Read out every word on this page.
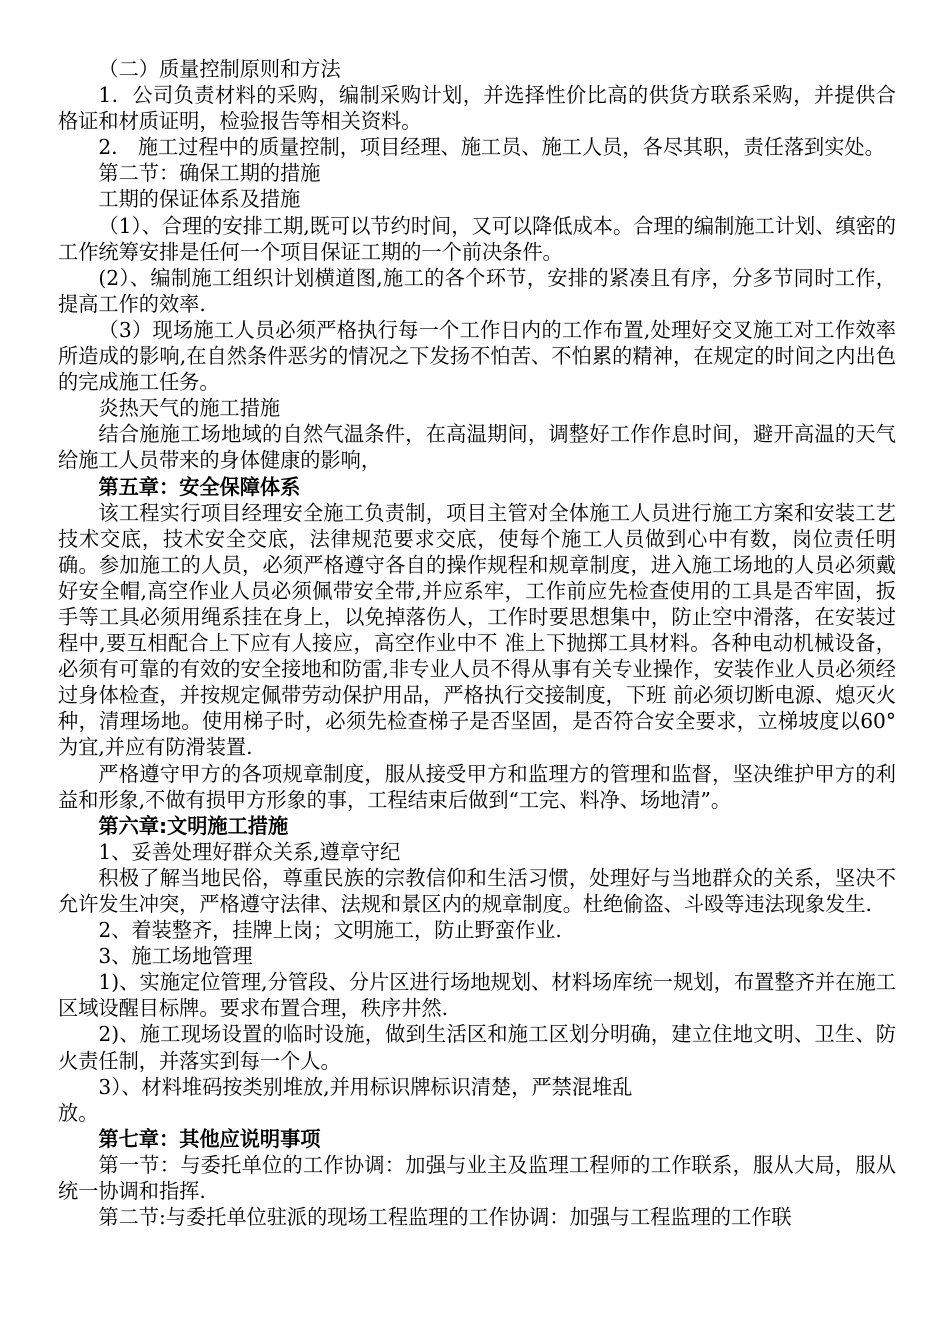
（二）质量控制原则和方法

1．公司负责材料的采购，编制采购计划，并选择性价比高的供货方联系采购，并提供合格证和材质证明，检验报告等相关资料。

2． 施工过程中的质量控制，项目经理、施工员、施工人员，各尽其职，责任落到实处。

第二节：确保工期的措施

工期的保证体系及措施

（1）、合理的安排工期,既可以节约时间，又可以降低成本。合理的编制施工计划、缜密的工作统筹安排是任何一个项目保证工期的一个前决条件。

(2）、编制施工组织计划横道图,施工的各个环节，安排的紧凑且有序，分多节同时工作，提高工作的效率.

（3）现场施工人员必须严格执行每一个工作日内的工作布置,处理好交叉施工对工作效率所造成的影响,在自然条件恶劣的情况之下发扬不怕苦、不怕累的精神，在规定的时间之内出色的完成施工任务。

炎热天气的施工措施

结合施施工场地域的自然气温条件，在高温期间，调整好工作作息时间，避开高温的天气给施工人员带来的身体健康的影响，

第五章：安全保障体系

该工程实行项目经理安全施工负责制，项目主管对全体施工人员进行施工方案和安装工艺技术交底，技术安全交底，法律规范要求交底，使每个施工人员做到心中有数，岗位责任明确。参加施工的人员，必须严格遵守各自的操作规程和规章制度，进入施工场地的人员必须戴好安全帽,高空作业人员必须佩带安全带,并应系牢，工作前应先检查使用的工具是否牢固，扳手等工具必须用绳系挂在身上，以免掉落伤人，工作时要思想集中，防止空中滑落，在安装过程中,要互相配合上下应有人接应，高空作业中不 准上下抛掷工具材料。各种电动机械设备，必须有可靠的有效的安全接地和防雷,非专业人员不得从事有关专业操作，安装作业人员必须经过身体检查，并按规定佩带劳动保护用品，严格执行交接制度，下班 前必须切断电源、熄灭火种，清理场地。使用梯子时，必须先检查梯子是否坚固，是否符合安全要求，立梯坡度以60°为宜,并应有防滑装置.

严格遵守甲方的各项规章制度，服从接受甲方和监理方的管理和监督，坚决维护甲方的利益和形象,不做有损甲方形象的事，工程结束后做到“工完、料净、场地清”。

第六章:文明施工措施

1、妥善处理好群众关系,遵章守纪

积极了解当地民俗，尊重民族的宗教信仰和生活习惯，处理好与当地群众的关系，坚决不允许发生冲突，严格遵守法律、法规和景区内的规章制度。杜绝偷盗、斗殴等违法现象发生.

2、着装整齐，挂牌上岗；文明施工，防止野蛮作业.

3、施工场地管理

1)、实施定位管理,分管段、分片区进行场地规划、材料场库统一规划，布置整齐并在施工区域设醒目标牌。要求布置合理，秩序井然.

2)、施工现场设置的临时设施，做到生活区和施工区划分明确，建立住地文明、卫生、防火责任制，并落实到每一个人。

3）、材料堆码按类别堆放,并用标识牌标识清楚，严禁混堆乱

放。

第七章：其他应说明事项

第一节：与委托单位的工作协调：加强与业主及监理工程师的工作联系，服从大局，服从统一协调和指挥.

第二节:与委托单位驻派的现场工程监理的工作协调：加强与工程监理的工作联
